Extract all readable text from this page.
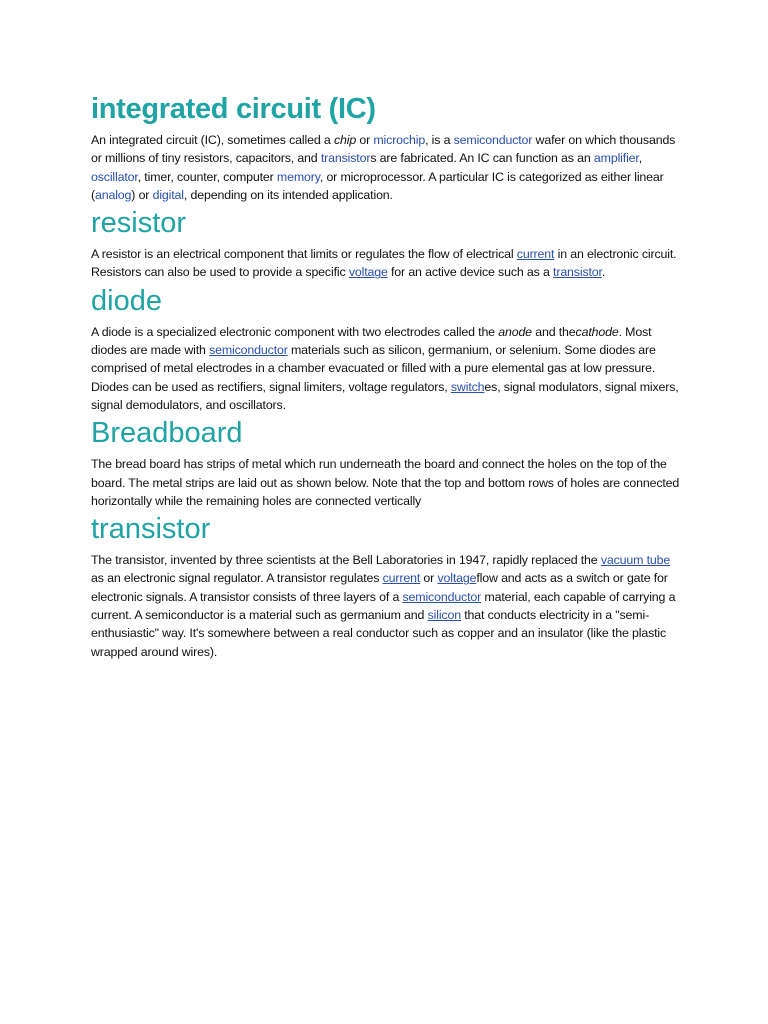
integrated circuit (IC)

An integrated circuit (IC), sometimes called a chip or microchip, is a semiconductor wafer on which thousands or millions of tiny resistors, capacitors, and transistors are fabricated. An IC can function as an amplifier, oscillator, timer, counter, computer memory, or microprocessor. A particular IC is categorized as either linear (analog) or digital, depending on its intended application.

resistor

A resistor is an electrical component that limits or regulates the flow of electrical current in an electronic circuit. Resistors can also be used to provide a specific voltage for an active device such as a transistor.

diode

A diode is a specialized electronic component with two electrodes called the anode and thecathode. Most diodes are made with semiconductor materials such as silicon, germanium, or selenium. Some diodes are comprised of metal electrodes in a chamber evacuated or filled with a pure elemental gas at low pressure. Diodes can be used as rectifiers, signal limiters, voltage regulators, switches, signal modulators, signal mixers, signal demodulators, and oscillators.

Breadboard

The bread board has strips of metal which run underneath the board and connect the holes on the top of the board. The metal strips are laid out as shown below. Note that the top and bottom rows of holes are connected horizontally while the remaining holes are connected vertically

transistor

The transistor, invented by three scientists at the Bell Laboratories in 1947, rapidly replaced the vacuum tube as an electronic signal regulator. A transistor regulates current or voltageflow and acts as a switch or gate for electronic signals. A transistor consists of three layers of a semiconductor material, each capable of carrying a current. A semiconductor is a material such as germanium and silicon that conducts electricity in a "semi-enthusiastic" way. It's somewhere between a real conductor such as copper and an insulator (like the plastic wrapped around wires).
